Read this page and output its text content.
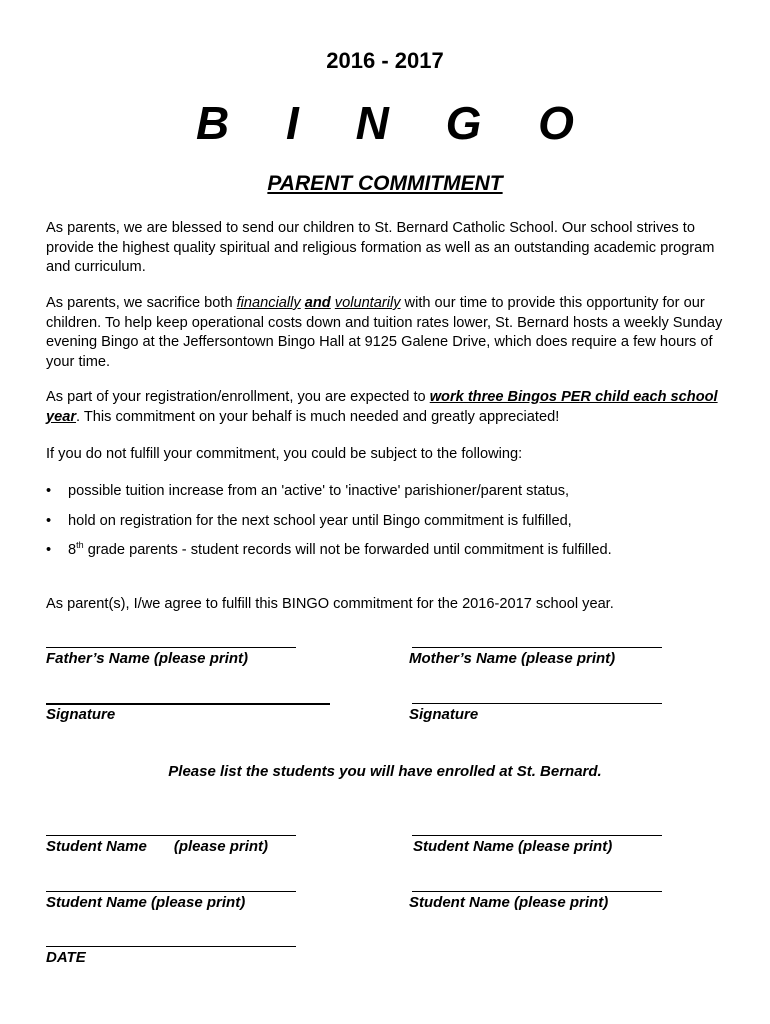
2016 - 2017
B I N G O
PARENT COMMITMENT
As parents, we are blessed to send our children to St. Bernard Catholic School. Our school strives to provide the highest quality spiritual and religious formation as well as an outstanding academic program and curriculum.
As parents, we sacrifice both financially and voluntarily with our time to provide this opportunity for our children. To help keep operational costs down and tuition rates lower, St. Bernard hosts a weekly Sunday evening Bingo at the Jeffersontown Bingo Hall at 9125 Galene Drive, which does require a few hours of your time.
As part of your registration/enrollment, you are expected to work three Bingos PER child each school year. This commitment on your behalf is much needed and greatly appreciated!
If you do not fulfill your commitment, you could be subject to the following:
• possible tuition increase from an 'active' to 'inactive' parishioner/parent status,
• hold on registration for the next school year until Bingo commitment is fulfilled,
• 8th grade parents - student records will not be forwarded until commitment is fulfilled.
As parent(s), I/we agree to fulfill this BINGO commitment for the 2016-2017 school year.
Father’s Name (please print)	Mother’s Name (please print)
Signature	Signature
Please list the students you will have enrolled at St. Bernard.
Student Name (please print)	Student Name (please print)
Student Name (please print)	Student Name (please print)
DATE
